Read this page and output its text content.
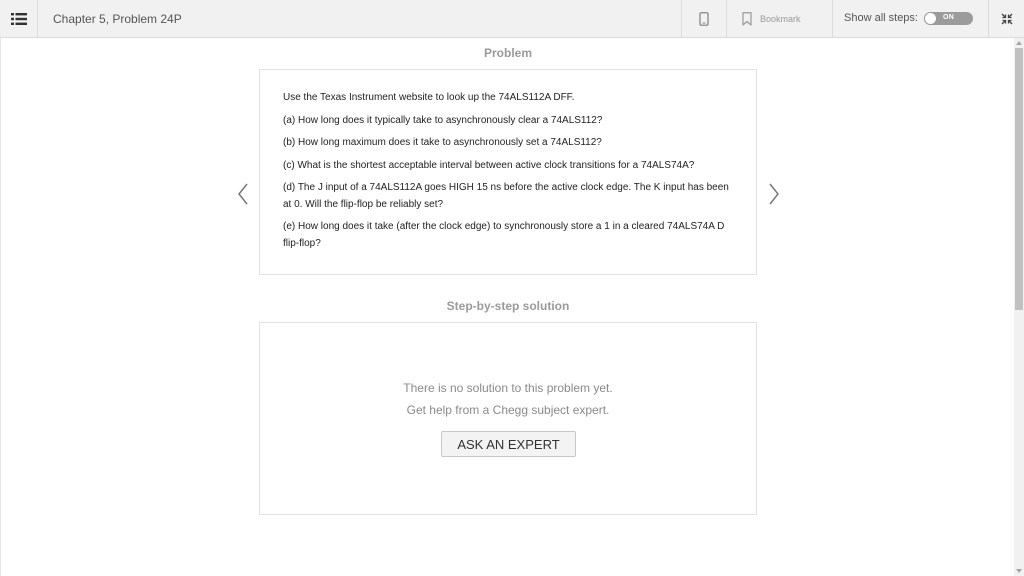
Chapter 5, Problem 24P	Bookmark	Show all steps:	ON
Problem

Use the Texas Instrument website to look up the 74ALS112A DFF.

(a) How long does it typically take to asynchronously clear a 74ALS112?

(b) How long maximum does it take to asynchronously set a 74ALS112?

(c) What is the shortest acceptable interval between active clock transitions for a 74ALS74A?

(d) The J input of a 74ALS112A goes HIGH 15 ns before the active clock edge. The K input has been at 0. Will the flip-flop be reliably set?

(e) How long does it take (after the clock edge) to synchronously store a 1 in a cleared 74ALS74A D flip-flop?

Step-by-step solution
There is no solution to this problem yet.
Get help from a Chegg subject expert.
ASK AN EXPERT
